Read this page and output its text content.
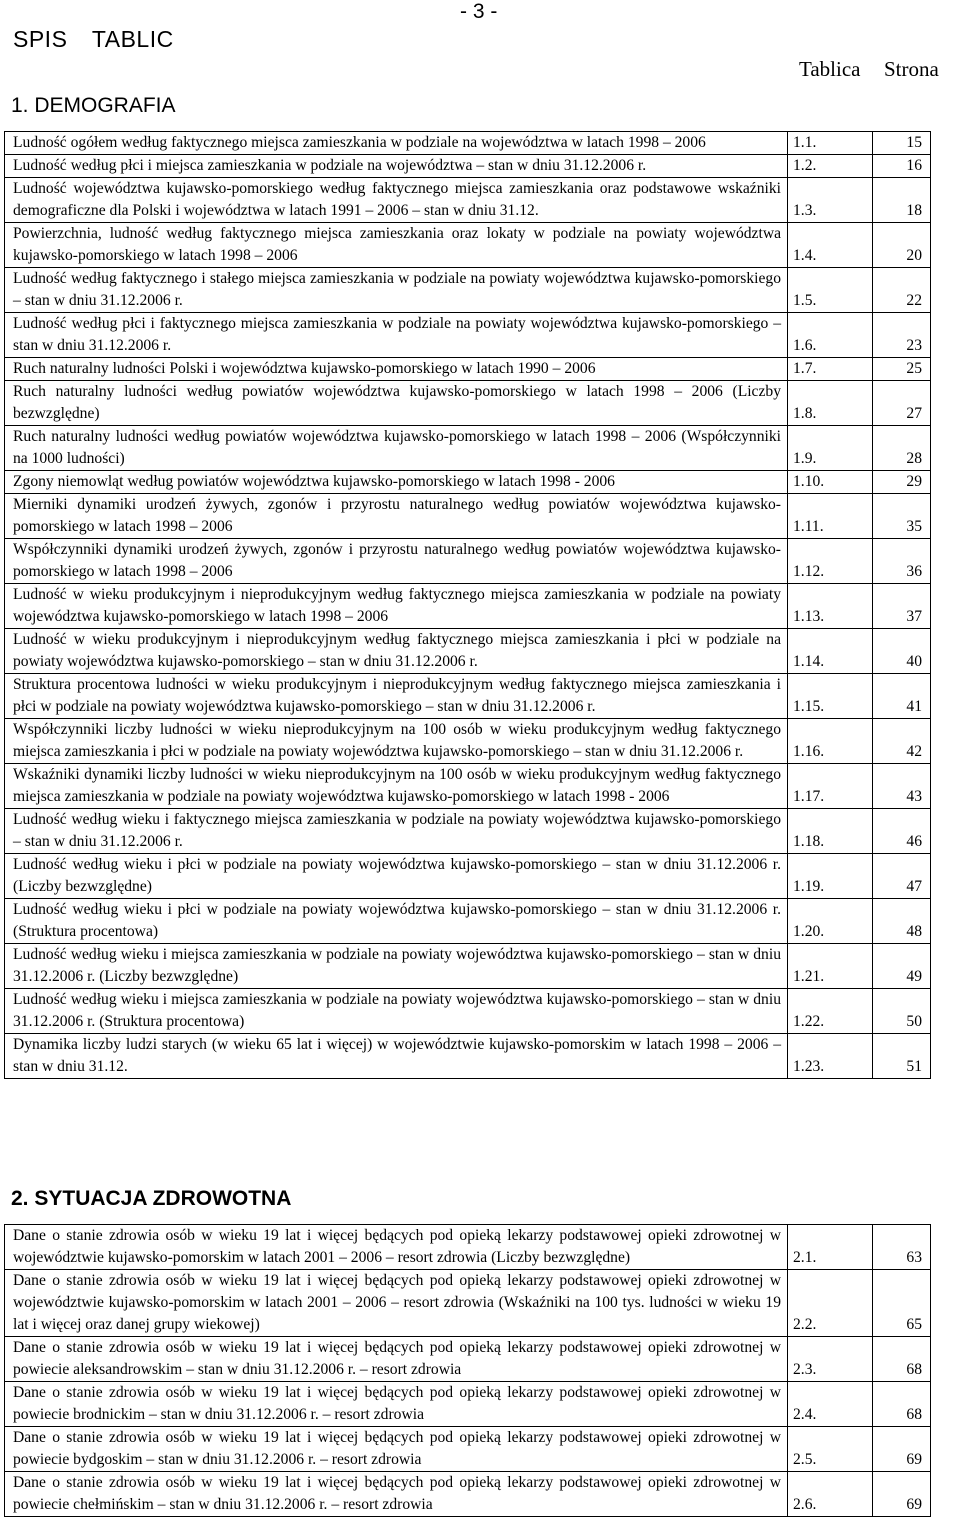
- 3 -
SPIS TABLIC
Tablica Strona
1. DEMOGRAFIA
Ludność ogółem według faktycznego miejsca zamieszkania w podziale na województwa w latach 1998 – 2006	1.1.	15
Ludność według płci i miejsca zamieszkania w podziale na województwa – stan w dniu 31.12.2006 r.	1.2.	16
Ludność województwa kujawsko-pomorskiego według faktycznego miejsca zamieszkania oraz podstawowe wskaźniki demograficzne dla Polski i województwa w latach 1991 – 2006 – stan w dniu 31.12.	1.3.	18
Powierzchnia, ludność według faktycznego miejsca zamieszkania oraz lokaty w podziale na powiaty województwa kujawsko-pomorskiego w latach 1998 – 2006	1.4.	20
Ludność według faktycznego i stałego miejsca zamieszkania w podziale na powiaty województwa kujawsko-pomorskiego – stan w dniu 31.12.2006 r.	1.5.	22
Ludność według płci i faktycznego miejsca zamieszkania w podziale na powiaty województwa kujawsko-pomorskiego – stan w dniu 31.12.2006 r.	1.6.	23
Ruch naturalny ludności Polski i województwa kujawsko-pomorskiego w latach 1990 – 2006	1.7.	25
Ruch naturalny ludności według powiatów województwa kujawsko-pomorskiego w latach 1998 – 2006 (Liczby bezwzględne)	1.8.	27
Ruch naturalny ludności według powiatów województwa kujawsko-pomorskiego w latach 1998 – 2006 (Współczynniki na 1000 ludności)	1.9.	28
Zgony niemowląt według powiatów województwa kujawsko-pomorskiego w latach 1998 - 2006	1.10.	29
Mierniki dynamiki urodzeń żywych, zgonów i przyrostu naturalnego według powiatów województwa kujawsko-pomorskiego w latach 1998 – 2006	1.11.	35
Współczynniki dynamiki urodzeń żywych, zgonów i przyrostu naturalnego według powiatów województwa kujawsko-pomorskiego w latach 1998 – 2006	1.12.	36
Ludność w wieku produkcyjnym i nieprodukcyjnym według faktycznego miejsca zamieszkania w podziale na powiaty województwa kujawsko-pomorskiego w latach 1998 – 2006	1.13.	37
Ludność w wieku produkcyjnym i nieprodukcyjnym według faktycznego miejsca zamieszkania i płci w podziale na powiaty województwa kujawsko-pomorskiego – stan w dniu 31.12.2006 r.	1.14.	40
Struktura procentowa ludności w wieku produkcyjnym i nieprodukcyjnym według faktycznego miejsca zamieszkania i płci w podziale na powiaty województwa kujawsko-pomorskiego – stan w dniu 31.12.2006 r.	1.15.	41
Współczynniki liczby ludności w wieku nieprodukcyjnym na 100 osób w wieku produkcyjnym według faktycznego miejsca zamieszkania i płci w podziale na powiaty województwa kujawsko-pomorskiego – stan w dniu 31.12.2006 r.	1.16.	42
Wskaźniki dynamiki liczby ludności w wieku nieprodukcyjnym na 100 osób w wieku produkcyjnym według faktycznego miejsca zamieszkania w podziale na powiaty województwa kujawsko-pomorskiego w latach 1998 - 2006	1.17.	43
Ludność według wieku i faktycznego miejsca zamieszkania w podziale na powiaty województwa kujawsko-pomorskiego – stan w dniu 31.12.2006 r.	1.18.	46
Ludność według wieku i płci w podziale na powiaty województwa kujawsko-pomorskiego – stan w dniu 31.12.2006 r. (Liczby bezwzględne)	1.19.	47
Ludność według wieku i płci w podziale na powiaty województwa kujawsko-pomorskiego – stan w dniu 31.12.2006 r. (Struktura procentowa)	1.20.	48
Ludność według wieku i miejsca zamieszkania w podziale na powiaty województwa kujawsko-pomorskiego – stan w dniu 31.12.2006 r. (Liczby bezwzględne)	1.21.	49
Ludność według wieku i miejsca zamieszkania w podziale na powiaty województwa kujawsko-pomorskiego – stan w dniu 31.12.2006 r. (Struktura procentowa)	1.22.	50
Dynamika liczby ludzi starych (w wieku 65 lat i więcej) w województwie kujawsko-pomorskim w latach 1998 – 2006 – stan w dniu 31.12.	1.23.	51
2. SYTUACJA ZDROWOTNA
Dane o stanie zdrowia osób w wieku 19 lat i więcej będących pod opieką lekarzy podstawowej opieki zdrowotnej w województwie kujawsko-pomorskim w latach 2001 – 2006 – resort zdrowia (Liczby bezwzględne)	2.1.	63
Dane o stanie zdrowia osób w wieku 19 lat i więcej będących pod opieką lekarzy podstawowej opieki zdrowotnej w województwie kujawsko-pomorskim w latach 2001 – 2006 – resort zdrowia (Wskaźniki na 100 tys. ludności w wieku 19 lat i więcej oraz danej grupy wiekowej)	2.2.	65
Dane o stanie zdrowia osób w wieku 19 lat i więcej będących pod opieką lekarzy podstawowej opieki zdrowotnej w powiecie aleksandrowskim – stan w dniu 31.12.2006 r. – resort zdrowia	2.3.	68
Dane o stanie zdrowia osób w wieku 19 lat i więcej będących pod opieką lekarzy podstawowej opieki zdrowotnej w powiecie brodnickim – stan w dniu 31.12.2006 r. – resort zdrowia	2.4.	68
Dane o stanie zdrowia osób w wieku 19 lat i więcej będących pod opieką lekarzy podstawowej opieki zdrowotnej w powiecie bydgoskim – stan w dniu 31.12.2006 r. – resort zdrowia	2.5.	69
Dane o stanie zdrowia osób w wieku 19 lat i więcej będących pod opieką lekarzy podstawowej opieki zdrowotnej w powiecie chełmińskim – stan w dniu 31.12.2006 r. – resort zdrowia	2.6.	69
